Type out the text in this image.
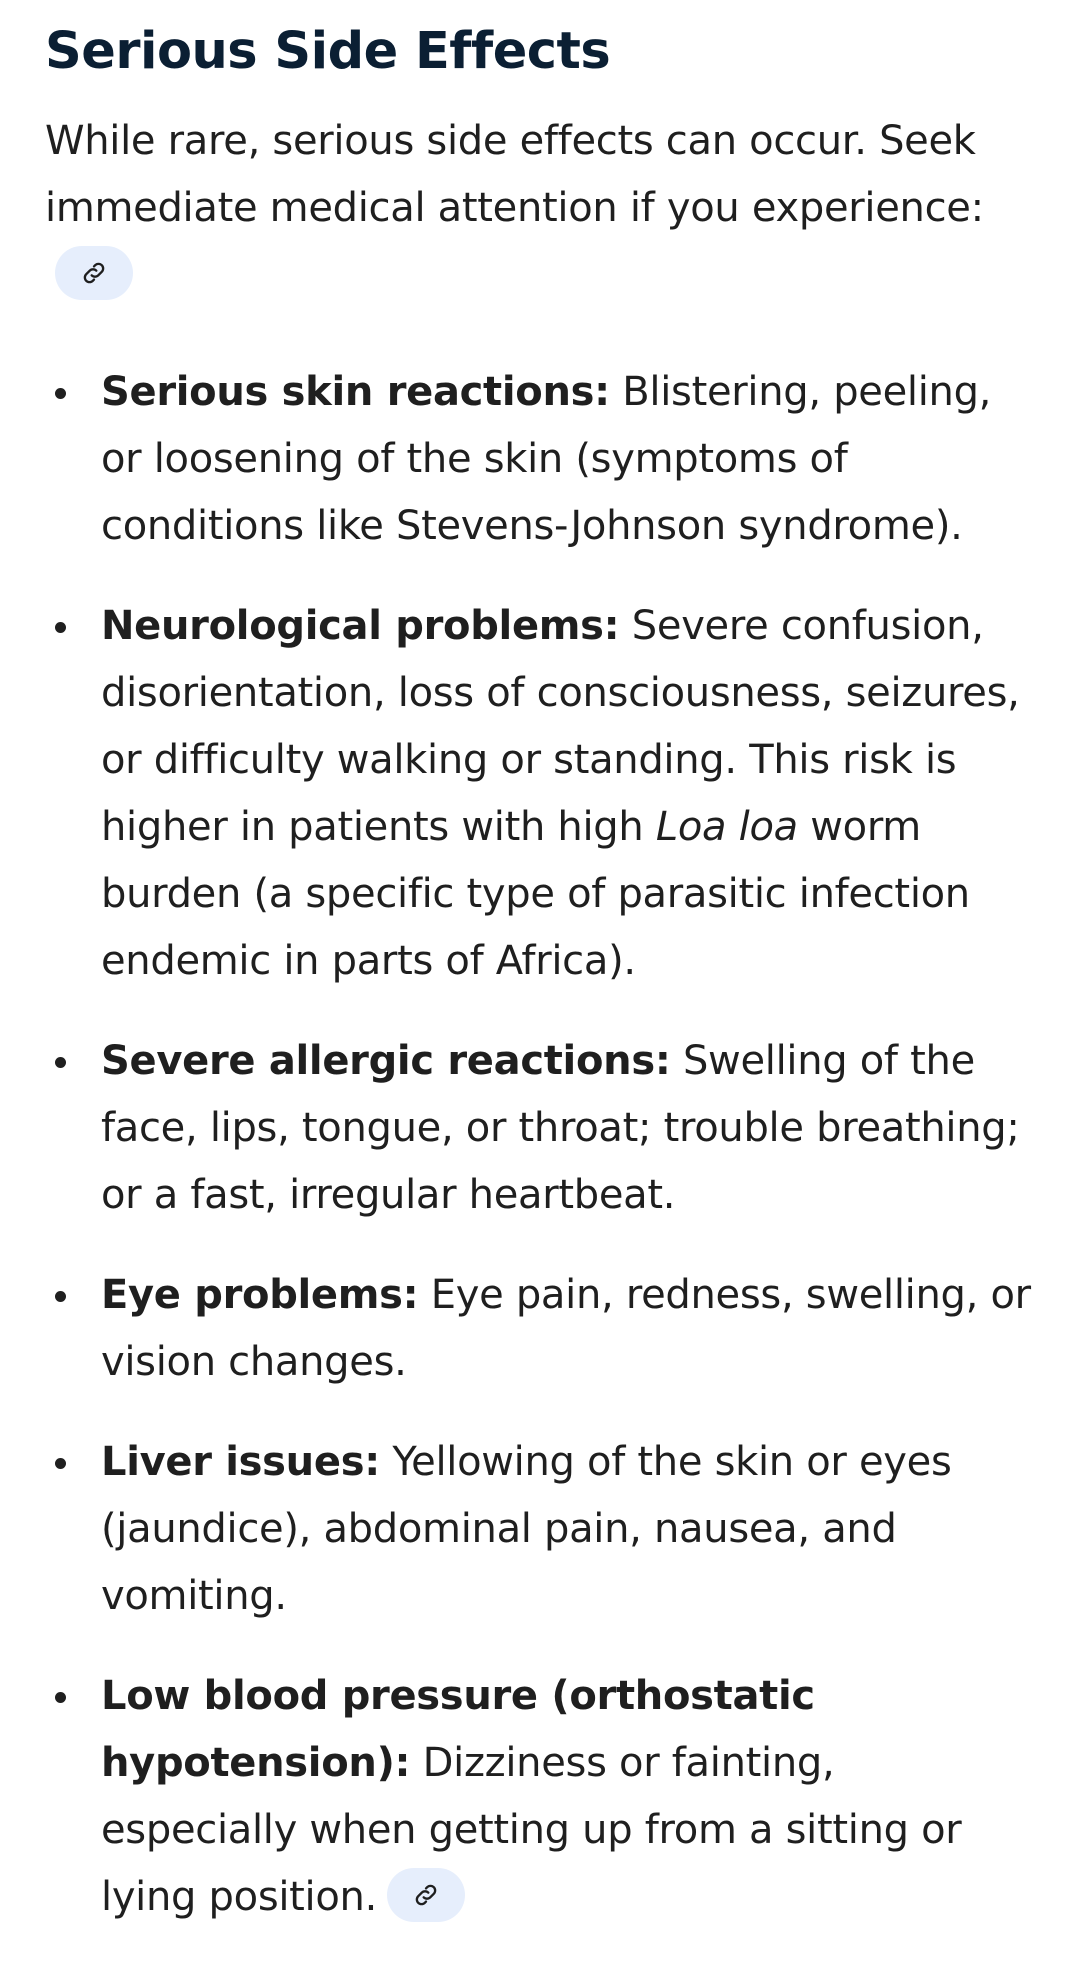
Serious Side Effects

While rare, serious side effects can occur. Seek immediate medical attention if you experience:

Serious skin reactions: Blistering, peeling, or loosening of the skin (symptoms of conditions like Stevens-Johnson syndrome).
Neurological problems: Severe confusion, disorientation, loss of consciousness, seizures, or difficulty walking or standing. This risk is higher in patients with high Loa loa worm burden (a specific type of parasitic infection endemic in parts of Africa).
Severe allergic reactions: Swelling of the face, lips, tongue, or throat; trouble breathing; or a fast, irregular heartbeat.
Eye problems: Eye pain, redness, swelling, or vision changes.
Liver issues: Yellowing of the skin or eyes (jaundice), abdominal pain, nausea, and vomiting.
Low blood pressure (orthostatic hypotension): Dizziness or fainting, especially when getting up from a sitting or lying position.
